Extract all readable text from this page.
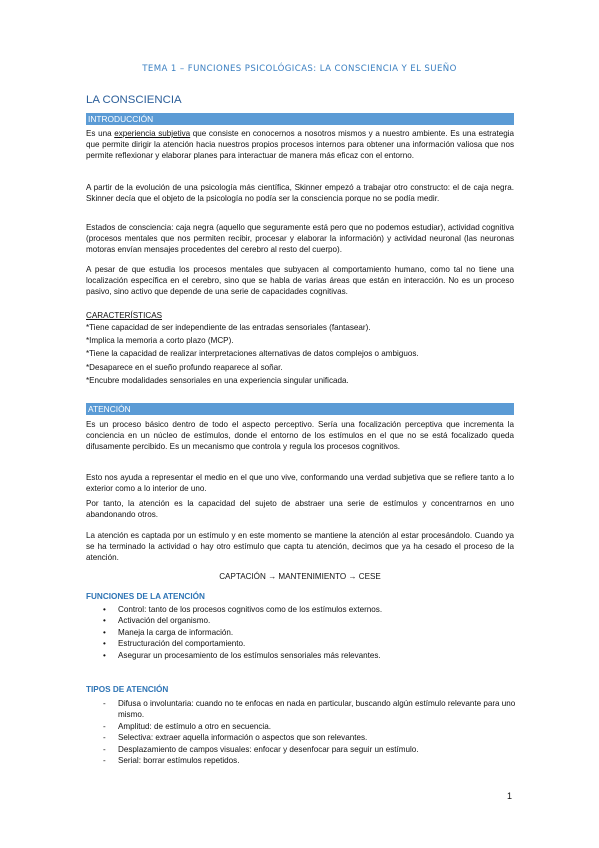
TEMA 1 – FUNCIONES PSICOLÓGICAS: LA CONSCIENCIA Y EL SUEÑO
LA CONSCIENCIA
INTRODUCCIÓN

Es una experiencia subjetiva que consiste en conocernos a nosotros mismos y a nuestro ambiente. Es una estrategia que permite dirigir la atención hacia nuestros propios procesos internos para obtener una información valiosa que nos permite reflexionar y elaborar planes para interactuar de manera más eficaz con el entorno.

A partir de la evolución de una psicología más científica, Skinner empezó a trabajar otro constructo: el de caja negra. Skinner decía que el objeto de la psicología no podía ser la consciencia porque no se podía medir.

Estados de consciencia: caja negra (aquello que seguramente está pero que no podemos estudiar), actividad cognitiva (procesos mentales que nos permiten recibir, procesar y elaborar la información) y actividad neuronal (las neuronas motoras envían mensajes procedentes del cerebro al resto del cuerpo).

A pesar de que estudia los procesos mentales que subyacen al comportamiento humano, como tal no tiene una localización específica en el cerebro, sino que se habla de varias áreas que están en interacción. No es un proceso pasivo, sino activo que depende de una serie de capacidades cognitivas.

CARACTERÍSTICAS

*Tiene capacidad de ser independiente de las entradas sensoriales (fantasear).

*Implica la memoria a corto plazo (MCP).

*Tiene la capacidad de realizar interpretaciones alternativas de datos complejos o ambiguos.

*Desaparece en el sueño profundo reaparece al soñar.

*Encubre modalidades sensoriales en una experiencia singular unificada.

ATENCIÓN

Es un proceso básico dentro de todo el aspecto perceptivo. Sería una focalización perceptiva que incrementa la conciencia en un núcleo de estímulos, donde el entorno de los estímulos en el que no se está focalizado queda difusamente percibido. Es un mecanismo que controla y regula los procesos cognitivos.

Esto nos ayuda a representar el medio en el que uno vive, conformando una verdad subjetiva que se refiere tanto a lo exterior como a lo interior de uno.

Por tanto, la atención es la capacidad del sujeto de abstraer una serie de estímulos y concentrarnos en uno abandonando otros.

La atención es captada por un estímulo y en este momento se mantiene la atención al estar procesándolo. Cuando ya se ha terminado la actividad o hay otro estímulo que capta tu atención, decimos que ya ha cesado el proceso de la atención.

CAPTACIÓN → MANTENIMIENTO → CESE
FUNCIONES DE LA ATENCIÓN
• Control: tanto de los procesos cognitivos como de los estímulos externos.
• Activación del organismo.
• Maneja la carga de información.
• Estructuración del comportamiento.
• Asegurar un procesamiento de los estímulos sensoriales más relevantes.
TIPOS DE ATENCIÓN
- Difusa o involuntaria: cuando no te enfocas en nada en particular, buscando algún estímulo relevante para uno mismo.
- Amplitud: de estímulo a otro en secuencia.
- Selectiva: extraer aquella información o aspectos que son relevantes.
- Desplazamiento de campos visuales: enfocar y desenfocar para seguir un estímulo.
- Serial: borrar estímulos repetidos.
1
